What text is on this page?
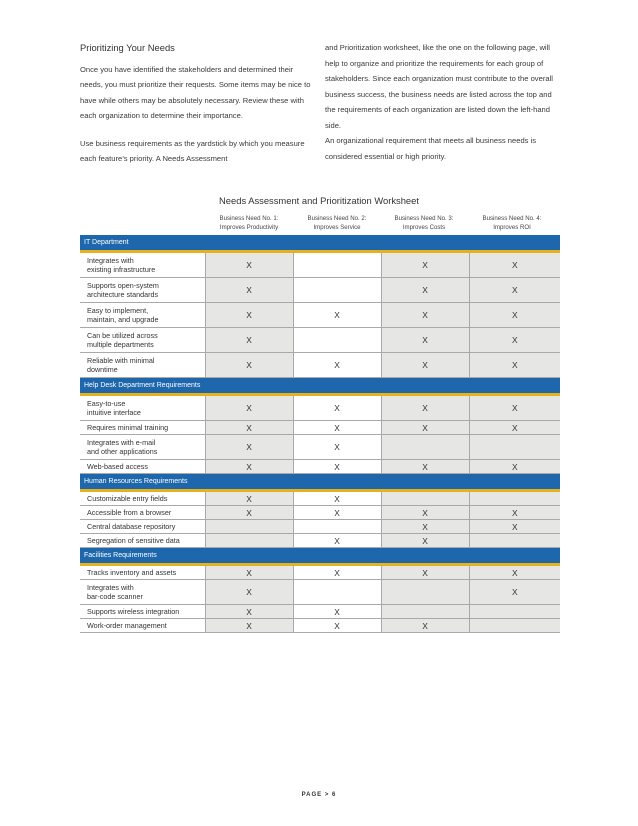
Prioritizing Your Needs

Once you have identified the stakeholders and determined their needs, you must prioritize their requests. Some items may be nice to have while others may be absolutely necessary. Review these with each organization to determine their importance.

Use business requirements as the yardstick by which you measure each feature’s priority. A Needs Assessment

and Prioritization worksheet, like the one on the following page, will help to organize and prioritize the requirements for each group of stakeholders. Since each organization must contribute to the overall business success, the business needs are listed across the top and the requirements of each organization are listed down the left-hand side.

An organizational requirement that meets all business needs is considered essential or high priority.

Needs Assessment and Prioritization Worksheet
Business Need No. 1:
Improves Productivity
Business Need No. 2:
Improves Service
Business Need No. 3:
Improves Costs
Business Need No. 4:
Improves ROI
IT Department				

Integrates with
existing infrastructure	X		X	X

Supports open-system
architecture standards	X		X	X

Easy to implement,
maintain, and upgrade	X	X	X	X

Can be utilized across
multiple departments	X		X	X

Reliable with minimal
downtime	X	X	X	X
Help Desk Department Requirements				

Easy-to-use
intuitive interface	X	X	X	X

Requires minimal training	X	X	X	X

Integrates with e-mail
and other applications	X	X		

Web-based access	X	X	X	X
Human Resources Requirements				

Customizable entry fields	X	X		

Accessible from a browser	X	X	X	X

Central database repository			X	X

Segregation of sensitive data		X	X	
Facilities Requirements				

Tracks inventory and assets	X	X	X	X

Integrates with
bar-code scanner	X			X

Supports wireless integration	X	X		

Work-order management	X	X	X	
PAGE > 6
